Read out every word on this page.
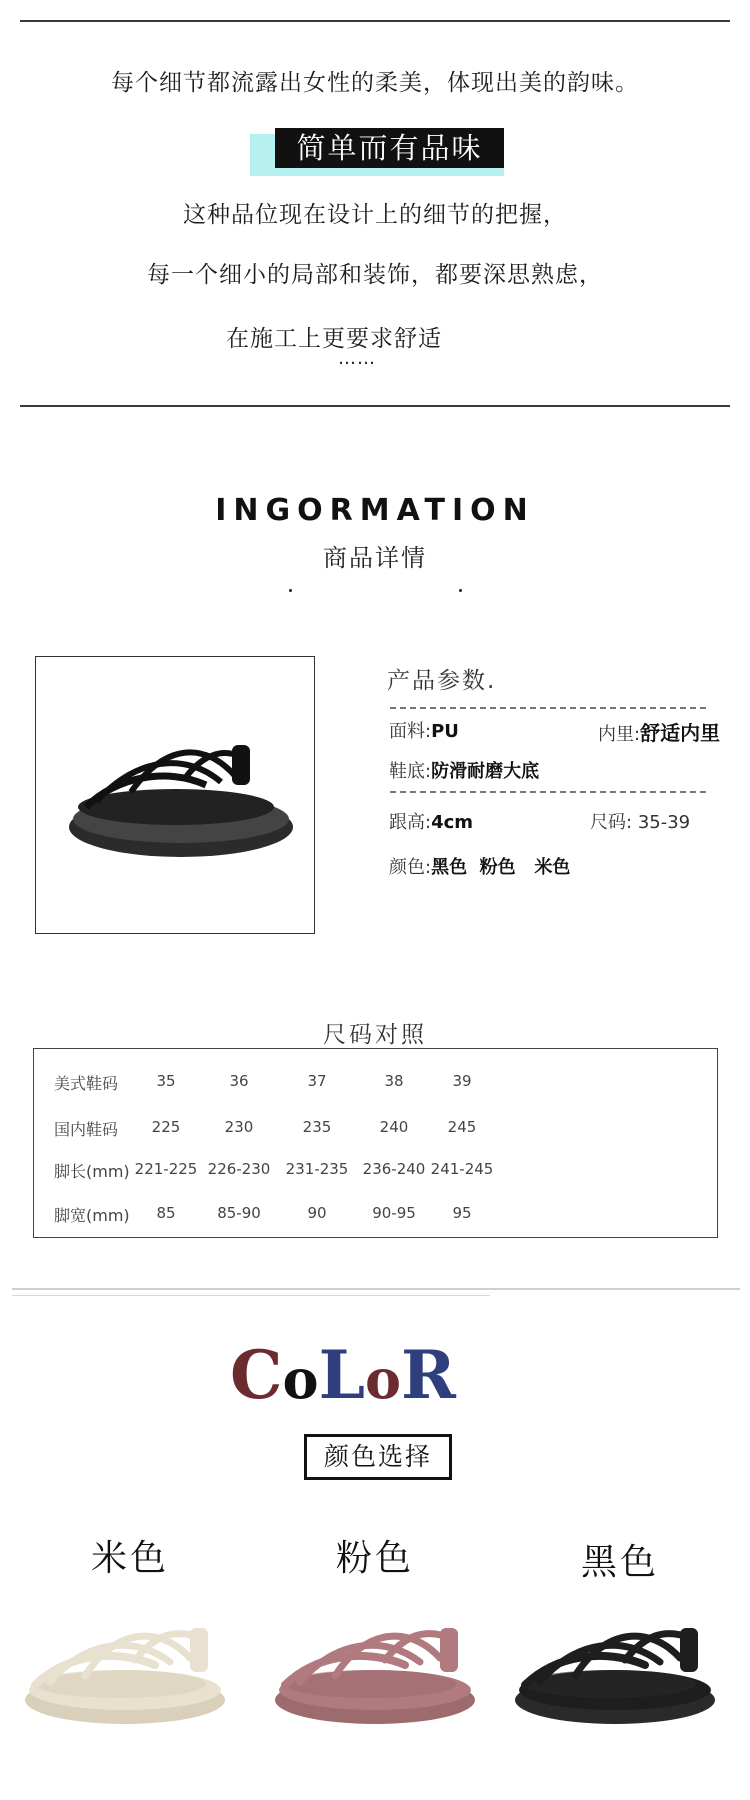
每个细节都流露出女性的柔美，体现出美的韵味。
简单而有品味
这种品位现在设计上的细节的把握，
每一个细小的局部和装饰，都要深思熟虑，
在施工上更要求舒适
……
INGORMATION
商品详情
产品参数.
面料:PU	内里:舒适内里
鞋底:防滑耐磨大底
跟高:4cm	尺码: 35-39
颜色:黑色  粉色   米色
尺码对照
美式鞋码	35	36	37	38	39
国内鞋码	225	230	235	240	245
脚长(mm) 221-225 226-230	231-235 236-240 241-245
脚宽(mm)	85	85-90	90	90-95	95
CoLoR
颜色选择
米色	粉色	黑色
